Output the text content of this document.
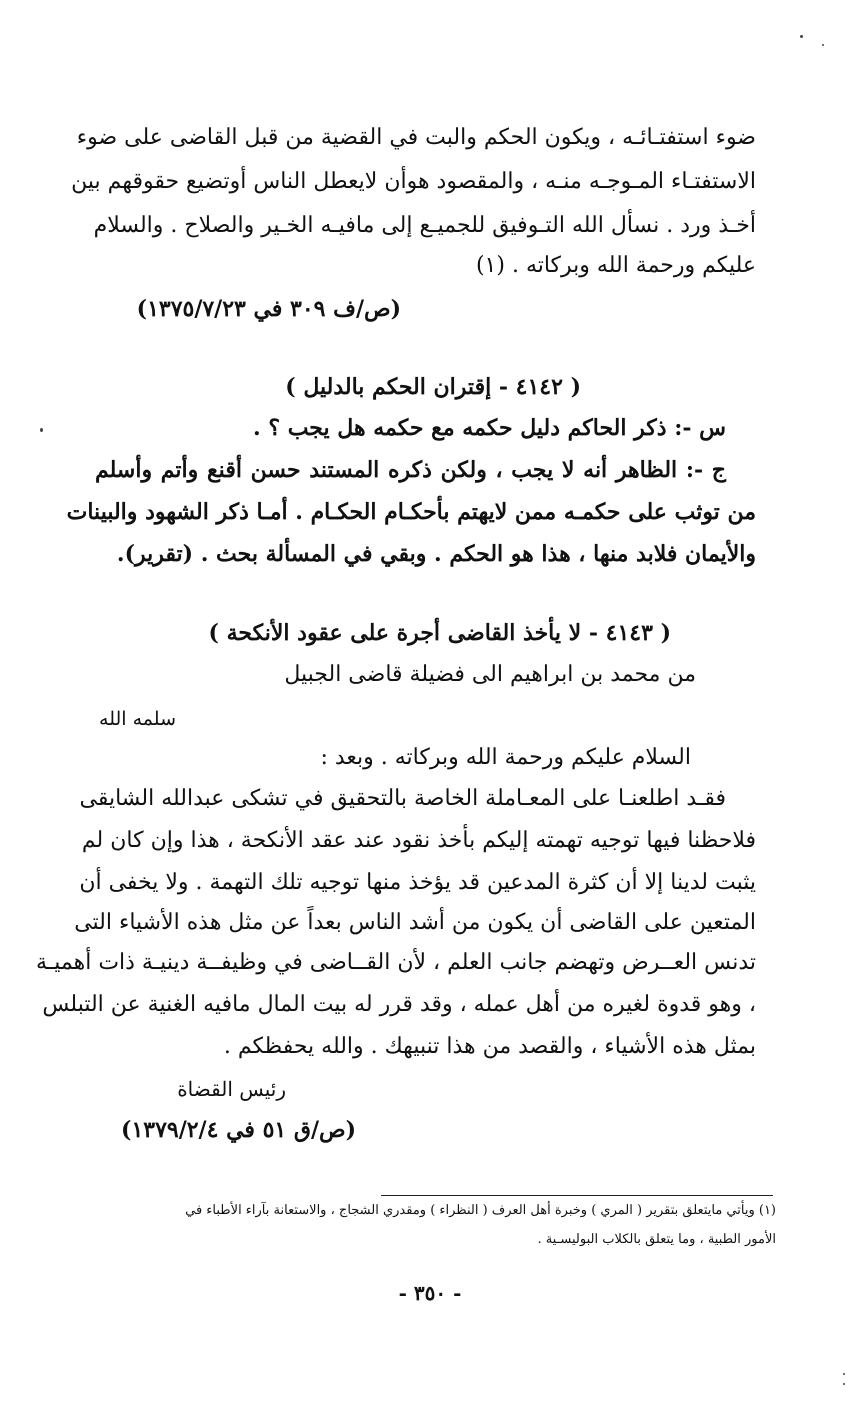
ضوء استفتـائـه ، ويكون الحكم والبت في القضية من قبل القاضى على ضوء
الاستفتـاء المـوجـه منـه ، والمقصود هوأن لايعطل الناس أوتضيع حقوقهم بين
أخـذ ورد . نسأل الله التـوفيق للجميـع إلى مافيـه الخـير والصلاح . والسلام
عليكم ورحمة الله وبركاته . (١)
(ص/ف ٣٠٩ في ١٣٧٥/٧/٢٣)
( ٤١٤٢ - إقتران الحكم بالدليل )
س -: ذكر الحاكم دليل حكمه مع حكمه هل يجب ؟ .
ج -: الظاهر أنه لا يجب ، ولكن ذكره المستند حسن أقنع وأتم وأسلم
من توثب على حكمـه ممن لايهتم بأحكـام الحكـام . أمـا ذكر الشهود والبينات
والأيمان فلابد منها ، هذا هو الحكم . وبقي في المسألة بحث . (تقرير).
( ٤١٤٣ - لا يأخذ القاضى أجرة على عقود الأنكحة )
من محمد بن ابراهيم الى فضيلة قاضى الجبيل
سلمه الله
السلام عليكم ورحمة الله وبركاته . وبعد :
فقـد اطلعنـا على المعـاملة الخاصة بالتحقيق في تشكى عبدالله الشايقى
فلاحظنا فيها توجيه تهمته إليكم بأخذ نقود عند عقد الأنكحة ، هذا وإن كان لم
يثبت لدينا إلا أن كثرة المدعين قد يؤخذ منها توجيه تلك التهمة . ولا يخفى أن
المتعين على القاضى أن يكون من أشد الناس بعداً عن مثل هذه الأشياء التى
تدنس العــرض وتهضم جانب العلم ، لأن القــاضى في وظيفــة دينيـة ذات أهميـة
، وهو قدوة لغيره من أهل عمله ، وقد قرر له بيت المال مافيه الغنية عن التبلس
بمثل هذه الأشياء ، والقصد من هذا تنبيهك . والله يحفظكم .
رئيس القضاة
(ص/ق ٥١ في ١٣٧٩/٢/٤)
(١) ويأتي مايتعلق بتقرير ( المري ) وخبرة أهل العرف ( النظراء ) ومقدري الشجاج ، والاستعانة بآراء الأطباء في
الأمور الطبية ، وما يتعلق بالكلاب البوليسـية .
- ٣٥٠ -
